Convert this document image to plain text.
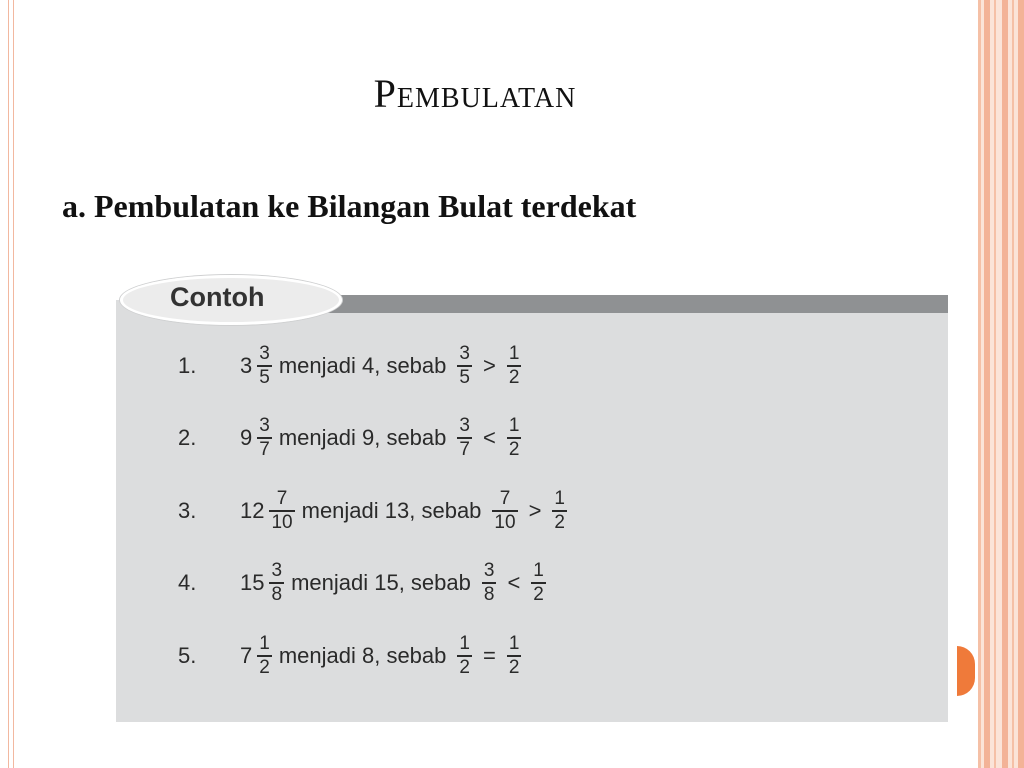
Pembulatan
a. Pembulatan ke Bilangan Bulat terdekat
Contoh
1.	$3 \frac{3}{5}$ menjadi 4, sebab $\frac{3}{5} > \frac{1}{2}$
2.	$9 \frac{3}{7}$ menjadi 9, sebab $\frac{3}{7} < \frac{1}{2}$
3.	$12 \frac{7}{10}$ menjadi 13, sebab $\frac{7}{10} > \frac{1}{2}$
4.	$15 \frac{3}{8}$ menjadi 15, sebab $\frac{3}{8} < \frac{1}{2}$
5.	$7 \frac{1}{2}$ menjadi 8, sebab $\frac{1}{2} = \frac{1}{2}$
